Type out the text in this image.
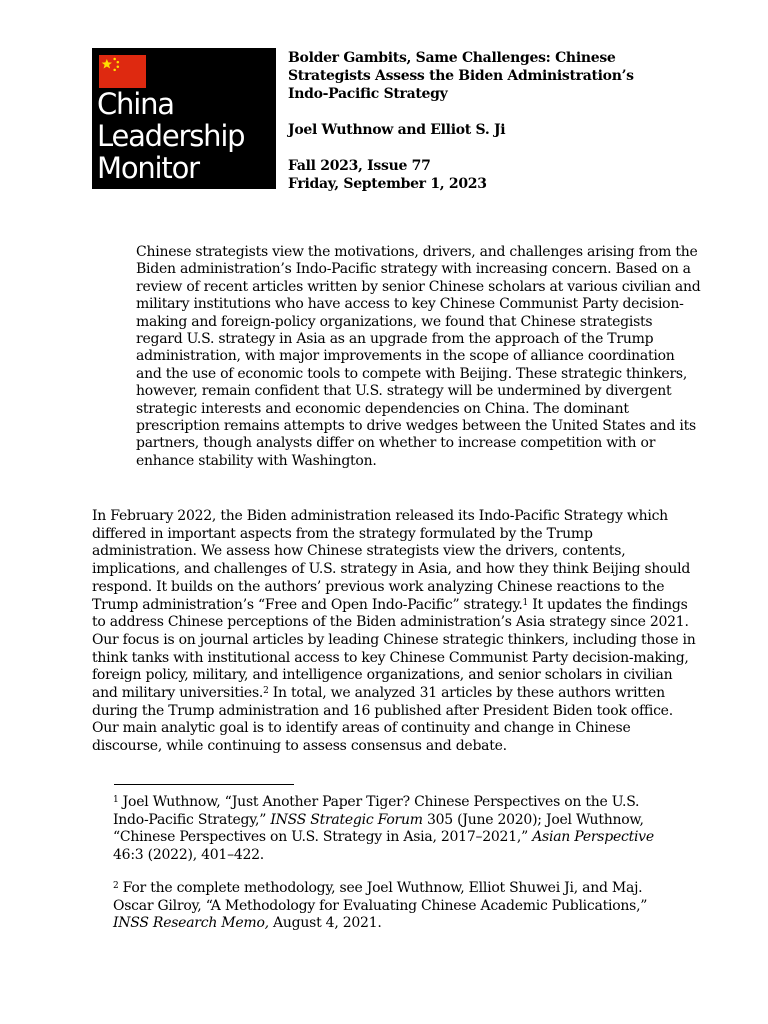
China
Leadership
Monitor
Bolder Gambits, Same Challenges: Chinese
Strategists Assess the Biden Administration’s
Indo-Pacific Strategy
Joel Wuthnow and Elliot S. Ji
Fall 2023, Issue 77
Friday, September 1, 2023
Chinese strategists view the motivations, drivers, and challenges arising from the
Biden administration’s Indo-Pacific strategy with increasing concern. Based on a
review of recent articles written by senior Chinese scholars at various civilian and
military institutions who have access to key Chinese Communist Party decision-
making and foreign-policy organizations, we found that Chinese strategists
regard U.S. strategy in Asia as an upgrade from the approach of the Trump
administration, with major improvements in the scope of alliance coordination
and the use of economic tools to compete with Beijing. These strategic thinkers,
however, remain confident that U.S. strategy will be undermined by divergent
strategic interests and economic dependencies on China. The dominant
prescription remains attempts to drive wedges between the United States and its
partners, though analysts differ on whether to increase competition with or
enhance stability with Washington.
In February 2022, the Biden administration released its Indo-Pacific Strategy which
differed in important aspects from the strategy formulated by the Trump
administration. We assess how Chinese strategists view the drivers, contents,
implications, and challenges of U.S. strategy in Asia, and how they think Beijing should
respond. It builds on the authors’ previous work analyzing Chinese reactions to the
Trump administration’s “Free and Open Indo-Pacific” strategy.$^1$ It updates the findings
to address Chinese perceptions of the Biden administration’s Asia strategy since 2021.
Our focus is on journal articles by leading Chinese strategic thinkers, including those in
think tanks with institutional access to key Chinese Communist Party decision-making,
foreign policy, military, and intelligence organizations, and senior scholars in civilian
and military universities.$^2$ In total, we analyzed 31 articles by these authors written
during the Trump administration and 16 published after President Biden took office.
Our main analytic goal is to identify areas of continuity and change in Chinese
discourse, while continuing to assess consensus and debate.
$^1$ Joel Wuthnow, “Just Another Paper Tiger? Chinese Perspectives on the U.S.
Indo-Pacific Strategy,” INSS Strategic Forum 305 (June 2020); Joel Wuthnow,
“Chinese Perspectives on U.S. Strategy in Asia, 2017–2021,” Asian Perspective
46:3 (2022), 401–422.
$^2$ For the complete methodology, see Joel Wuthnow, Elliot Shuwei Ji, and Maj.
Oscar Gilroy, “A Methodology for Evaluating Chinese Academic Publications,”
INSS Research Memo, August 4, 2021.
